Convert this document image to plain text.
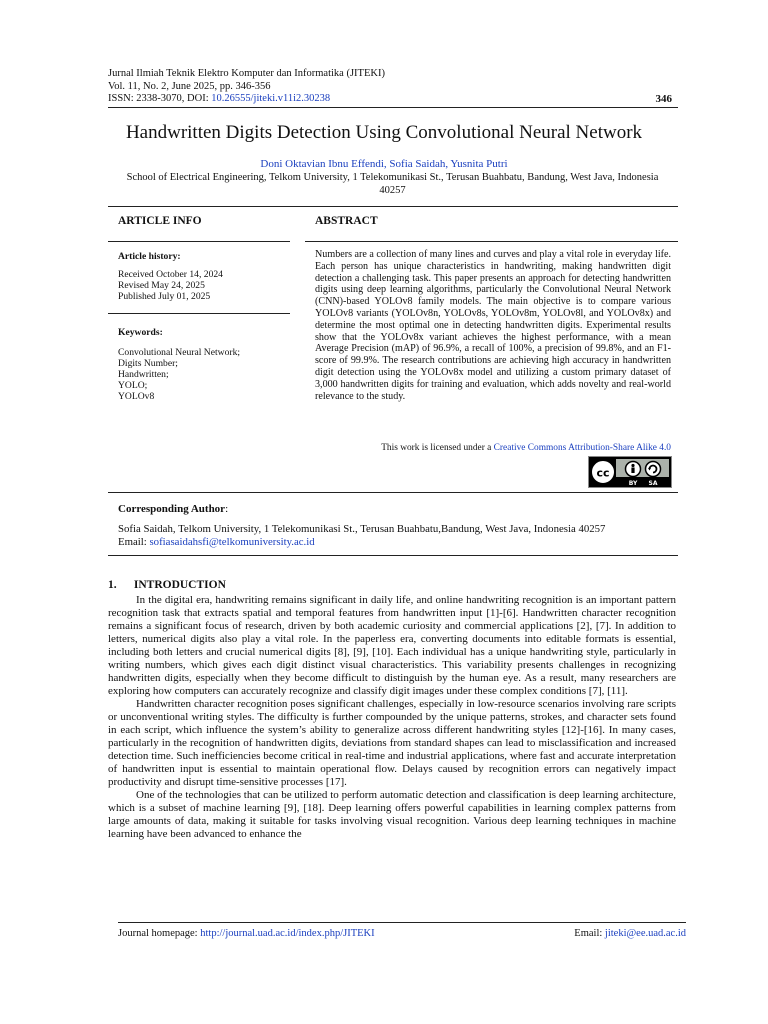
Jurnal Ilmiah Teknik Elektro Komputer dan Informatika (JITEKI)
Vol. 11, No. 2, June 2025, pp. 346-356
ISSN: 2338-3070, DOI: 10.26555/jiteki.v11i2.30238	346
Handwritten Digits Detection Using Convolutional Neural Network
Doni Oktavian Ibnu Effendi, Sofia Saidah, Yusnita Putri
School of Electrical Engineering, Telkom University, 1 Telekomunikasi St., Terusan Buahbatu, Bandung, West Java, Indonesia 40257
ARTICLE INFO
Article history:
Received October 14, 2024
Revised May 24, 2025
Published July 01, 2025
Keywords:
Convolutional Neural Network;
Digits Number;
Handwritten;
YOLO;
YOLOv8
ABSTRACT
Numbers are a collection of many lines and curves and play a vital role in everyday life. Each person has unique characteristics in handwriting, making handwritten digit detection a challenging task. This paper presents an approach for detecting handwritten digits using deep learning algorithms, particularly the Convolutional Neural Network (CNN)-based YOLOv8 family models. The main objective is to compare various YOLOv8 variants (YOLOv8n, YOLOv8s, YOLOv8m, YOLOv8l, and YOLOv8x) and determine the most optimal one in detecting handwritten digits. Experimental results show that the YOLOv8x variant achieves the highest performance, with a mean Average Precision (mAP) of 96.9%, a recall of 100%, a precision of 99.8%, and an F1-score of 99.9%. The research contributions are achieving high accuracy in handwritten digit detection using the YOLOv8x model and utilizing a custom primary dataset of 3,000 handwritten digits for training and evaluation, which adds novelty and real-world relevance to the study.
This work is licensed under a Creative Commons Attribution-Share Alike 4.0
cc
BY SA
Corresponding Author:
Sofia Saidah, Telkom University, 1 Telekomunikasi St., Terusan Buahbatu,Bandung, West Java, Indonesia 40257
Email: sofiasaidahsfi@telkomuniversity.ac.id
1.      INTRODUCTION

In the digital era, handwriting remains significant in daily life, and online handwriting recognition is an important pattern recognition task that extracts spatial and temporal features from handwritten input [1]-[6]. Handwritten character recognition remains a significant focus of research, driven by both academic curiosity and commercial applications [2], [7]. In addition to letters, numerical digits also play a vital role. In the paperless era, converting documents into editable formats is essential, including both letters and crucial numerical digits [8], [9], [10]. Each individual has a unique handwriting style, particularly in writing numbers, which gives each digit distinct visual characteristics. This variability presents challenges in recognizing handwritten digits, especially when they become difficult to distinguish by the human eye. As a result, many researchers are exploring how computers can accurately recognize and classify digit images under these complex conditions [7], [11].

Handwritten character recognition poses significant challenges, especially in low-resource scenarios involving rare scripts or unconventional writing styles. The difficulty is further compounded by the unique patterns, strokes, and character sets found in each script, which influence the system’s ability to generalize across different handwriting styles [12]-[16]. In many cases, particularly in the recognition of handwritten digits, deviations from standard shapes can lead to misclassification and increased detection time. Such inefficiencies become critical in real-time and industrial applications, where fast and accurate interpretation of handwritten input is essential to maintain operational flow. Delays caused by recognition errors can negatively impact productivity and disrupt time-sensitive processes [17].

One of the technologies that can be utilized to perform automatic detection and classification is deep learning architecture, which is a subset of machine learning [9], [18]. Deep learning offers powerful capabilities in learning complex patterns from large amounts of data, making it suitable for tasks involving visual recognition. Various deep learning techniques in machine learning have been advanced to enhance the

Journal homepage: http://journal.uad.ac.id/index.php/JITEKI	Email: jiteki@ee.uad.ac.id
